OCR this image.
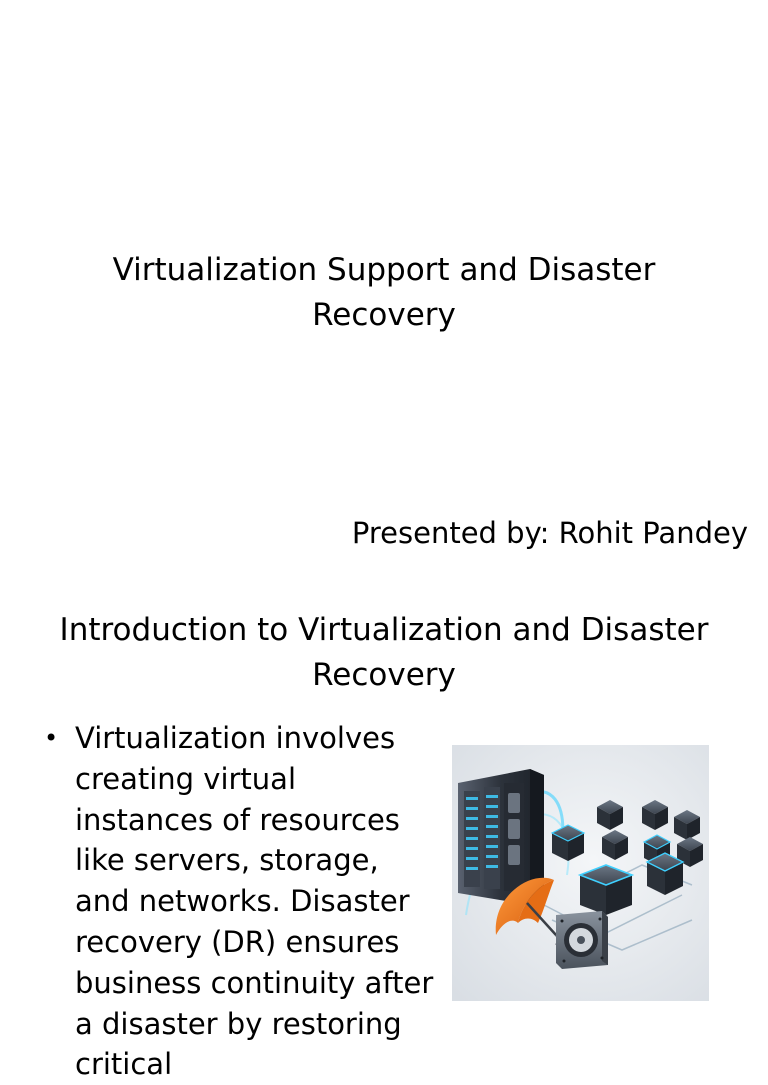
Virtualization Support and Disaster Recovery
Presented by: Rohit Pandey
Introduction to Virtualization and Disaster Recovery
• Virtualization involves creating virtual instances of resources like servers, storage, and networks. Disaster recovery (DR) ensures business continuity after a disaster by restoring critical
